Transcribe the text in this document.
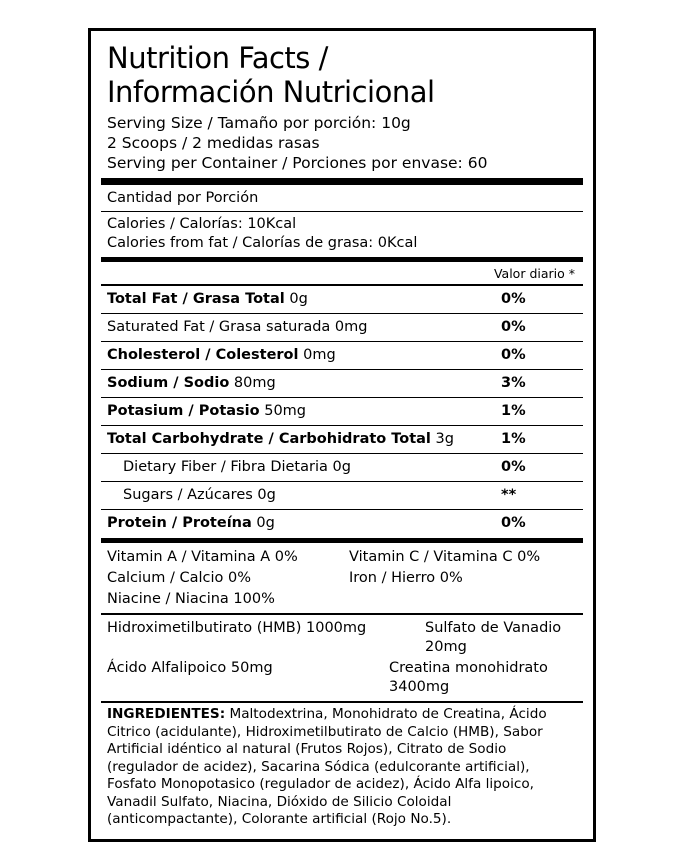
Nutrition Facts /
Información Nutricional
Serving Size / Tamaño por porción: 10g
2 Scoops / 2 medidas rasas
Serving per Container / Porciones por envase: 60
Cantidad por Porción
Calories / Calorías: 10Kcal
Calories from fat / Calorías de grasa: 0Kcal
Valor diario *
Total Fat / Grasa Total 0g	0%
Saturated Fat / Grasa saturada 0mg	0%
Cholesterol / Colesterol 0mg	0%
Sodium / Sodio 80mg	3%
Potasium / Potasio 50mg	1%
Total Carbohydrate / Carbohidrato Total 3g	1%
Dietary Fiber / Fibra Dietaria 0g	0%
Sugars / Azúcares 0g	**
Protein / Proteína 0g	0%
Vitamin A / Vitamina A 0%	Vitamin C / Vitamina C 0%
Calcium / Calcio 0%	Iron / Hierro 0%
Niacine / Niacina 100%
Hidroximetilbutirato (HMB) 1000mg	Sulfato de Vanadio 20mg
Ácido Alfalipoico 50mg	Creatina monohidrato 3400mg
INGREDIENTES: Maltodextrina, Monohidrato de Creatina, Ácido Citrico (acidulante), Hidroximetilbutirato de Calcio (HMB), Sabor Artificial idéntico al natural (Frutos Rojos), Citrato de Sodio (regulador de acidez), Sacarina Sódica (edulcorante artificial), Fosfato Monopotasico (regulador de acidez), Ácido Alfa lipoico, Vanadil Sulfato, Niacina, Dióxido de Silicio Coloidal (anticompactante), Colorante artificial (Rojo No.5).
